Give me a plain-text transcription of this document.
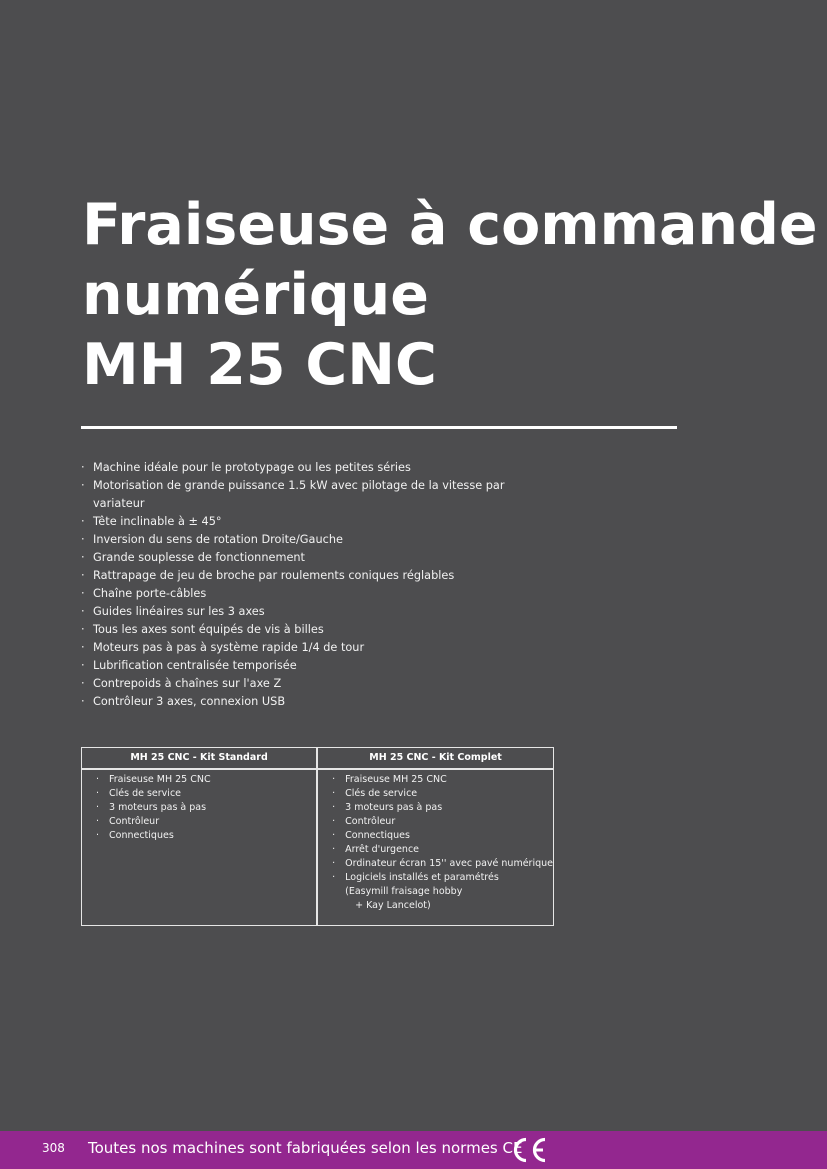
Fraiseuse à commande
numérique
MH 25 CNC
· Machine idéale pour le prototypage ou les petites séries
· Motorisation de grande puissance 1.5 kW avec pilotage de la vitesse par variateur
· Tête inclinable à ± 45°
· Inversion du sens de rotation Droite/Gauche
· Grande souplesse de fonctionnement
· Rattrapage de jeu de broche par roulements coniques réglables
· Chaîne porte-câbles
· Guides linéaires sur les 3 axes
· Tous les axes sont équipés de vis à billes
· Moteurs pas à pas à système rapide 1/4 de tour
· Lubrification centralisée temporisée
· Contrepoids à chaînes sur l'axe Z
· Contrôleur 3 axes, connexion USB
MH 25 CNC - Kit Standard
· Fraiseuse MH 25 CNC
· Clés de service
· 3 moteurs pas à pas
· Contrôleur
· Connectiques
MH 25 CNC - Kit Complet
· Fraiseuse MH 25 CNC
· Clés de service
· 3 moteurs pas à pas
· Contrôleur
· Connectiques
· Arrêt d'urgence
· Ordinateur écran 15'' avec pavé numérique
· Logiciels installés et paramétrés
(Easymill fraisage hobby
+ Kay Lancelot)
308 Toutes nos machines sont fabriquées selon les normes CE
